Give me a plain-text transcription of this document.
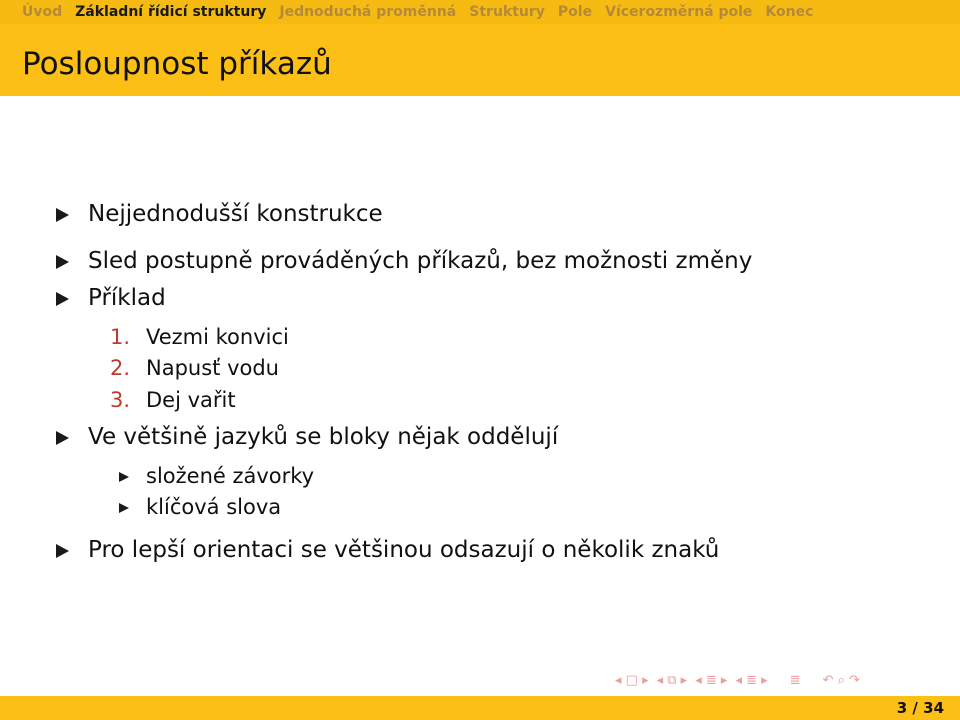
Úvod Základní řídicí struktury Jednoduchá proměnná Struktury Pole Vícerozměrná pole Konec
Posloupnost příkazů
Nejjednodušší konstrukce
Sled postupně prováděných příkazů, bez možnosti změny
Příklad
1. Vezmi konvici
2. Napusť vodu
3. Dej vařit
Ve většině jazyků se bloky nějak oddělují
složené závorky
klíčová slova
Pro lepší orientaci se většinou odsazují o několik znaků
◂ □ ▸ ◂ ⧉ ▸ ◂ ≣ ▸ ◂ ≣ ▸ ≣ ↶ ⌕ ↷
3 / 34
